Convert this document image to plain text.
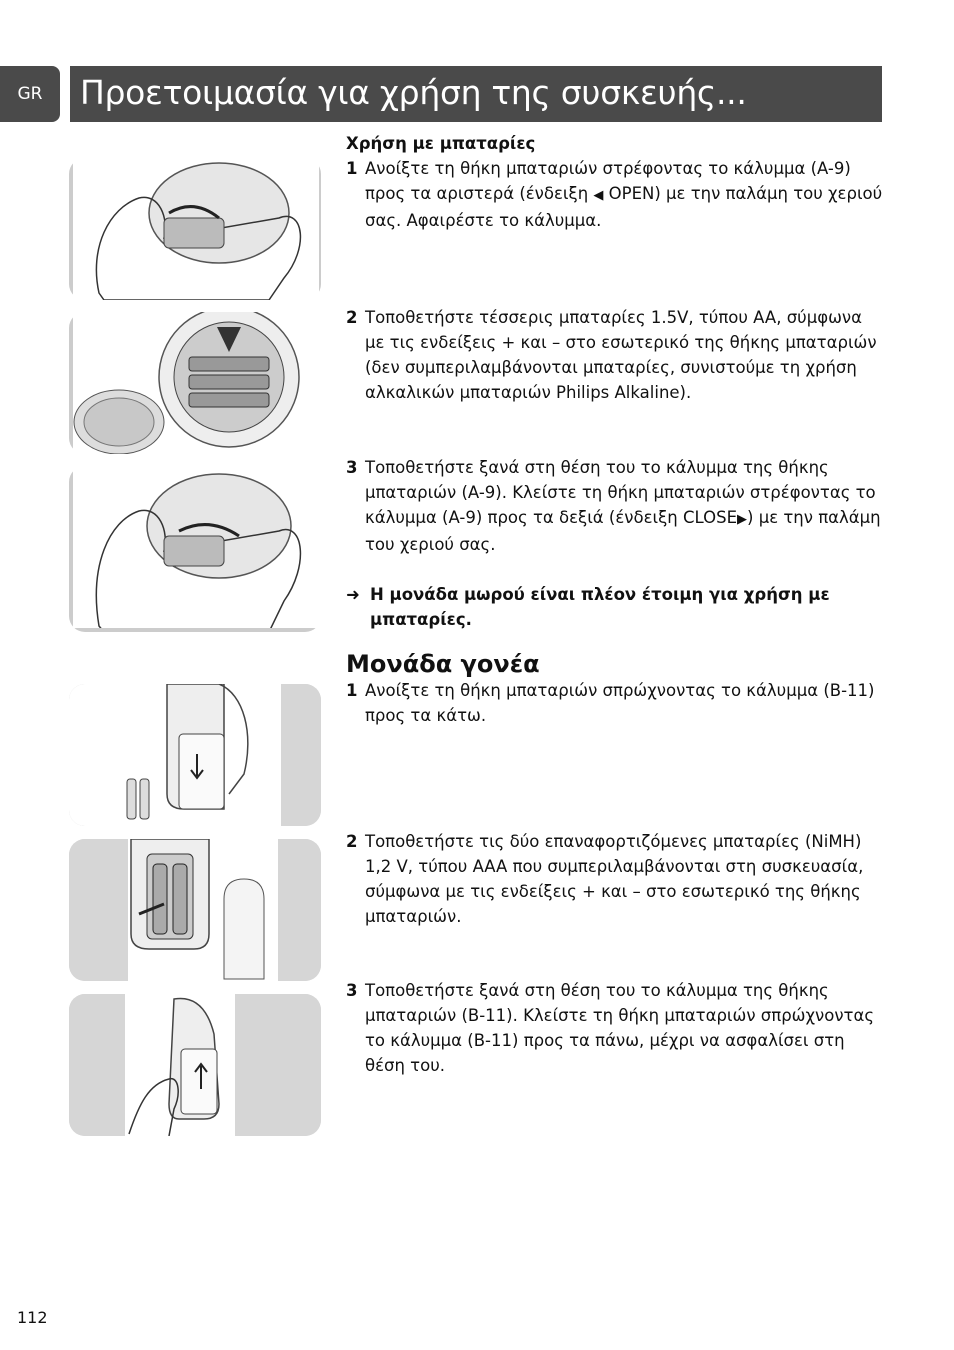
GR Προετοιμασία για χρήση της συσκευής...
Χρήση με μπαταρίες
1 Ανοίξτε τη θήκη μπαταριών στρέφοντας το κάλυμμα (A-9) προς τα αριστερά (ένδειξη ◀ OPEN) με την παλάμη του χεριού σας. Αφαιρέστε το κάλυμμα.
2 Τοποθετήστε τέσσερις μπαταρίες 1.5V, τύπου AA, σύμφωνα με τις ενδείξεις + και – στο εσωτερικό της θήκης μπαταριών (δεν συμπεριλαμβάνονται μπαταρίες, συνιστούμε τη χρήση αλκαλικών μπαταριών Philips Alkaline).
3 Τοποθετήστε ξανά στη θέση του το κάλυμμα της θήκης μπαταριών (A-9). Κλείστε τη θήκη μπαταριών στρέφοντας το κάλυμμα (A-9) προς τα δεξιά (ένδειξη CLOSE▶) με την παλάμη του χεριού σας.
➜ Η μονάδα μωρού είναι πλέον έτοιμη για χρήση με μπαταρίες.
Μονάδα γονέα
1 Ανοίξτε τη θήκη μπαταριών σπρώχνοντας το κάλυμμα (B-11) προς τα κάτω.
2 Τοποθετήστε τις δύο επαναφορτιζόμενες μπαταρίες (NiMH) 1,2 V, τύπου AAA που συμπεριλαμβάνονται στη συσκευασία, σύμφωνα με τις ενδείξεις + και – στο εσωτερικό της θήκης μπαταριών.
3 Τοποθετήστε ξανά στη θέση του το κάλυμμα της θήκης μπαταριών (B-11). Κλείστε τη θήκη μπαταριών σπρώχνοντας το κάλυμμα (B-11) προς τα πάνω, μέχρι να ασφαλίσει στη θέση του.
112
